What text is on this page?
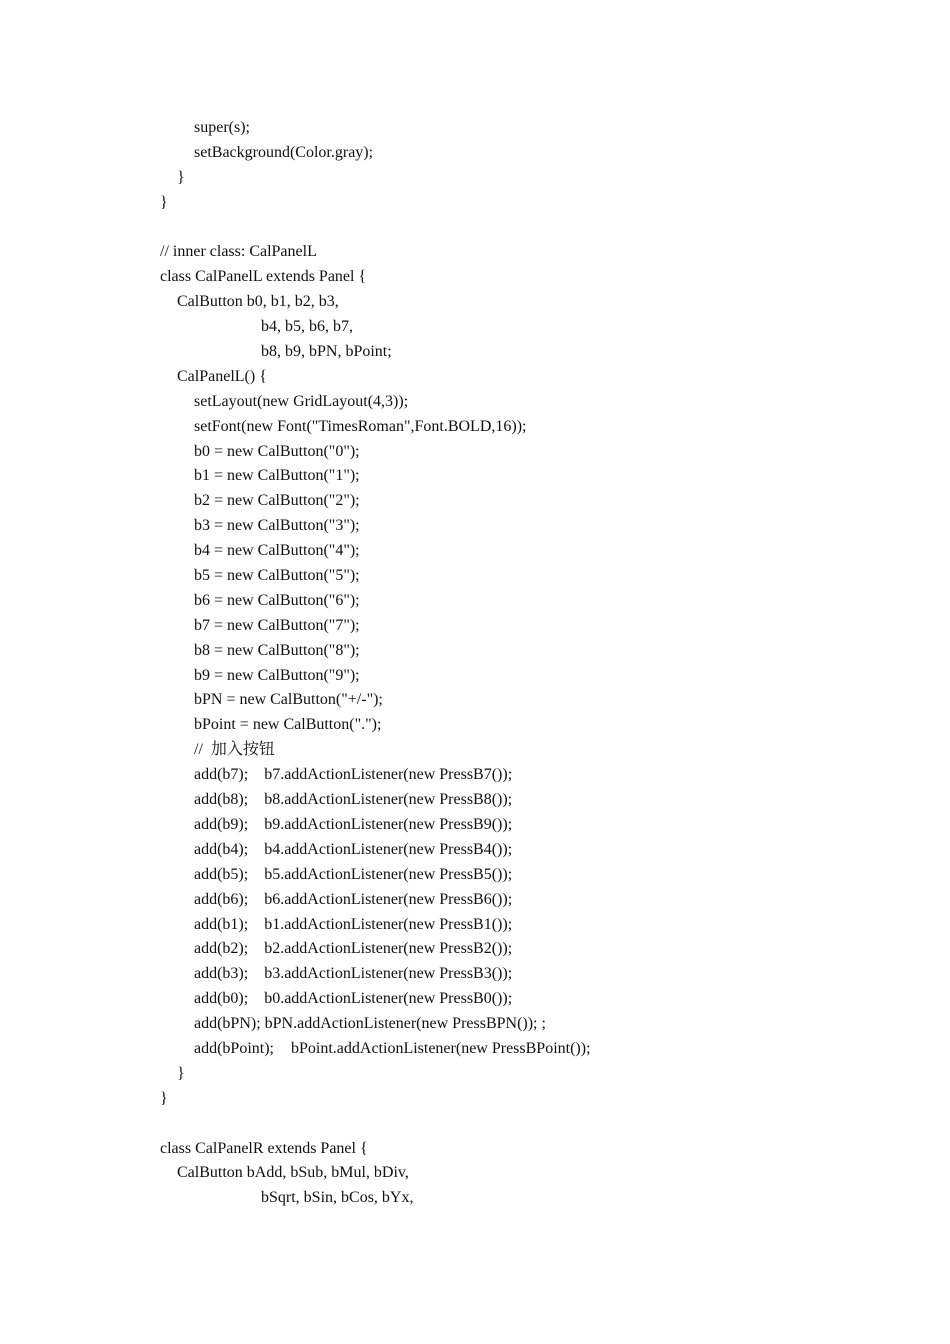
super(s);
setBackground(Color.gray);
}
}
// inner class: CalPanelL
class CalPanelL extends Panel {
CalButton b0, b1, b2, b3,
b4, b5, b6, b7,
b8, b9, bPN, bPoint;
CalPanelL() {
setLayout(new GridLayout(4,3));
setFont(new Font("TimesRoman",Font.BOLD,16));
b0 = new CalButton("0");
b1 = new CalButton("1");
b2 = new CalButton("2");
b3 = new CalButton("3");
b4 = new CalButton("4");
b5 = new CalButton("5");
b6 = new CalButton("6");
b7 = new CalButton("7");
b8 = new CalButton("8");
b9 = new CalButton("9");
bPN = new CalButton("+/-");
bPoint = new CalButton(".");
//  加入按钮
add(b7); b7.addActionListener(new PressB7());
add(b8); b8.addActionListener(new PressB8());
add(b9); b9.addActionListener(new PressB9());
add(b4); b4.addActionListener(new PressB4());
add(b5); b5.addActionListener(new PressB5());
add(b6); b6.addActionListener(new PressB6());
add(b1); b1.addActionListener(new PressB1());
add(b2); b2.addActionListener(new PressB2());
add(b3); b3.addActionListener(new PressB3());
add(b0); b0.addActionListener(new PressB0());
add(bPN); bPN.addActionListener(new PressBPN()); ;
add(bPoint); bPoint.addActionListener(new PressBPoint());
}
}
class CalPanelR extends Panel {
CalButton bAdd, bSub, bMul, bDiv,
bSqrt, bSin, bCos, bYx,
